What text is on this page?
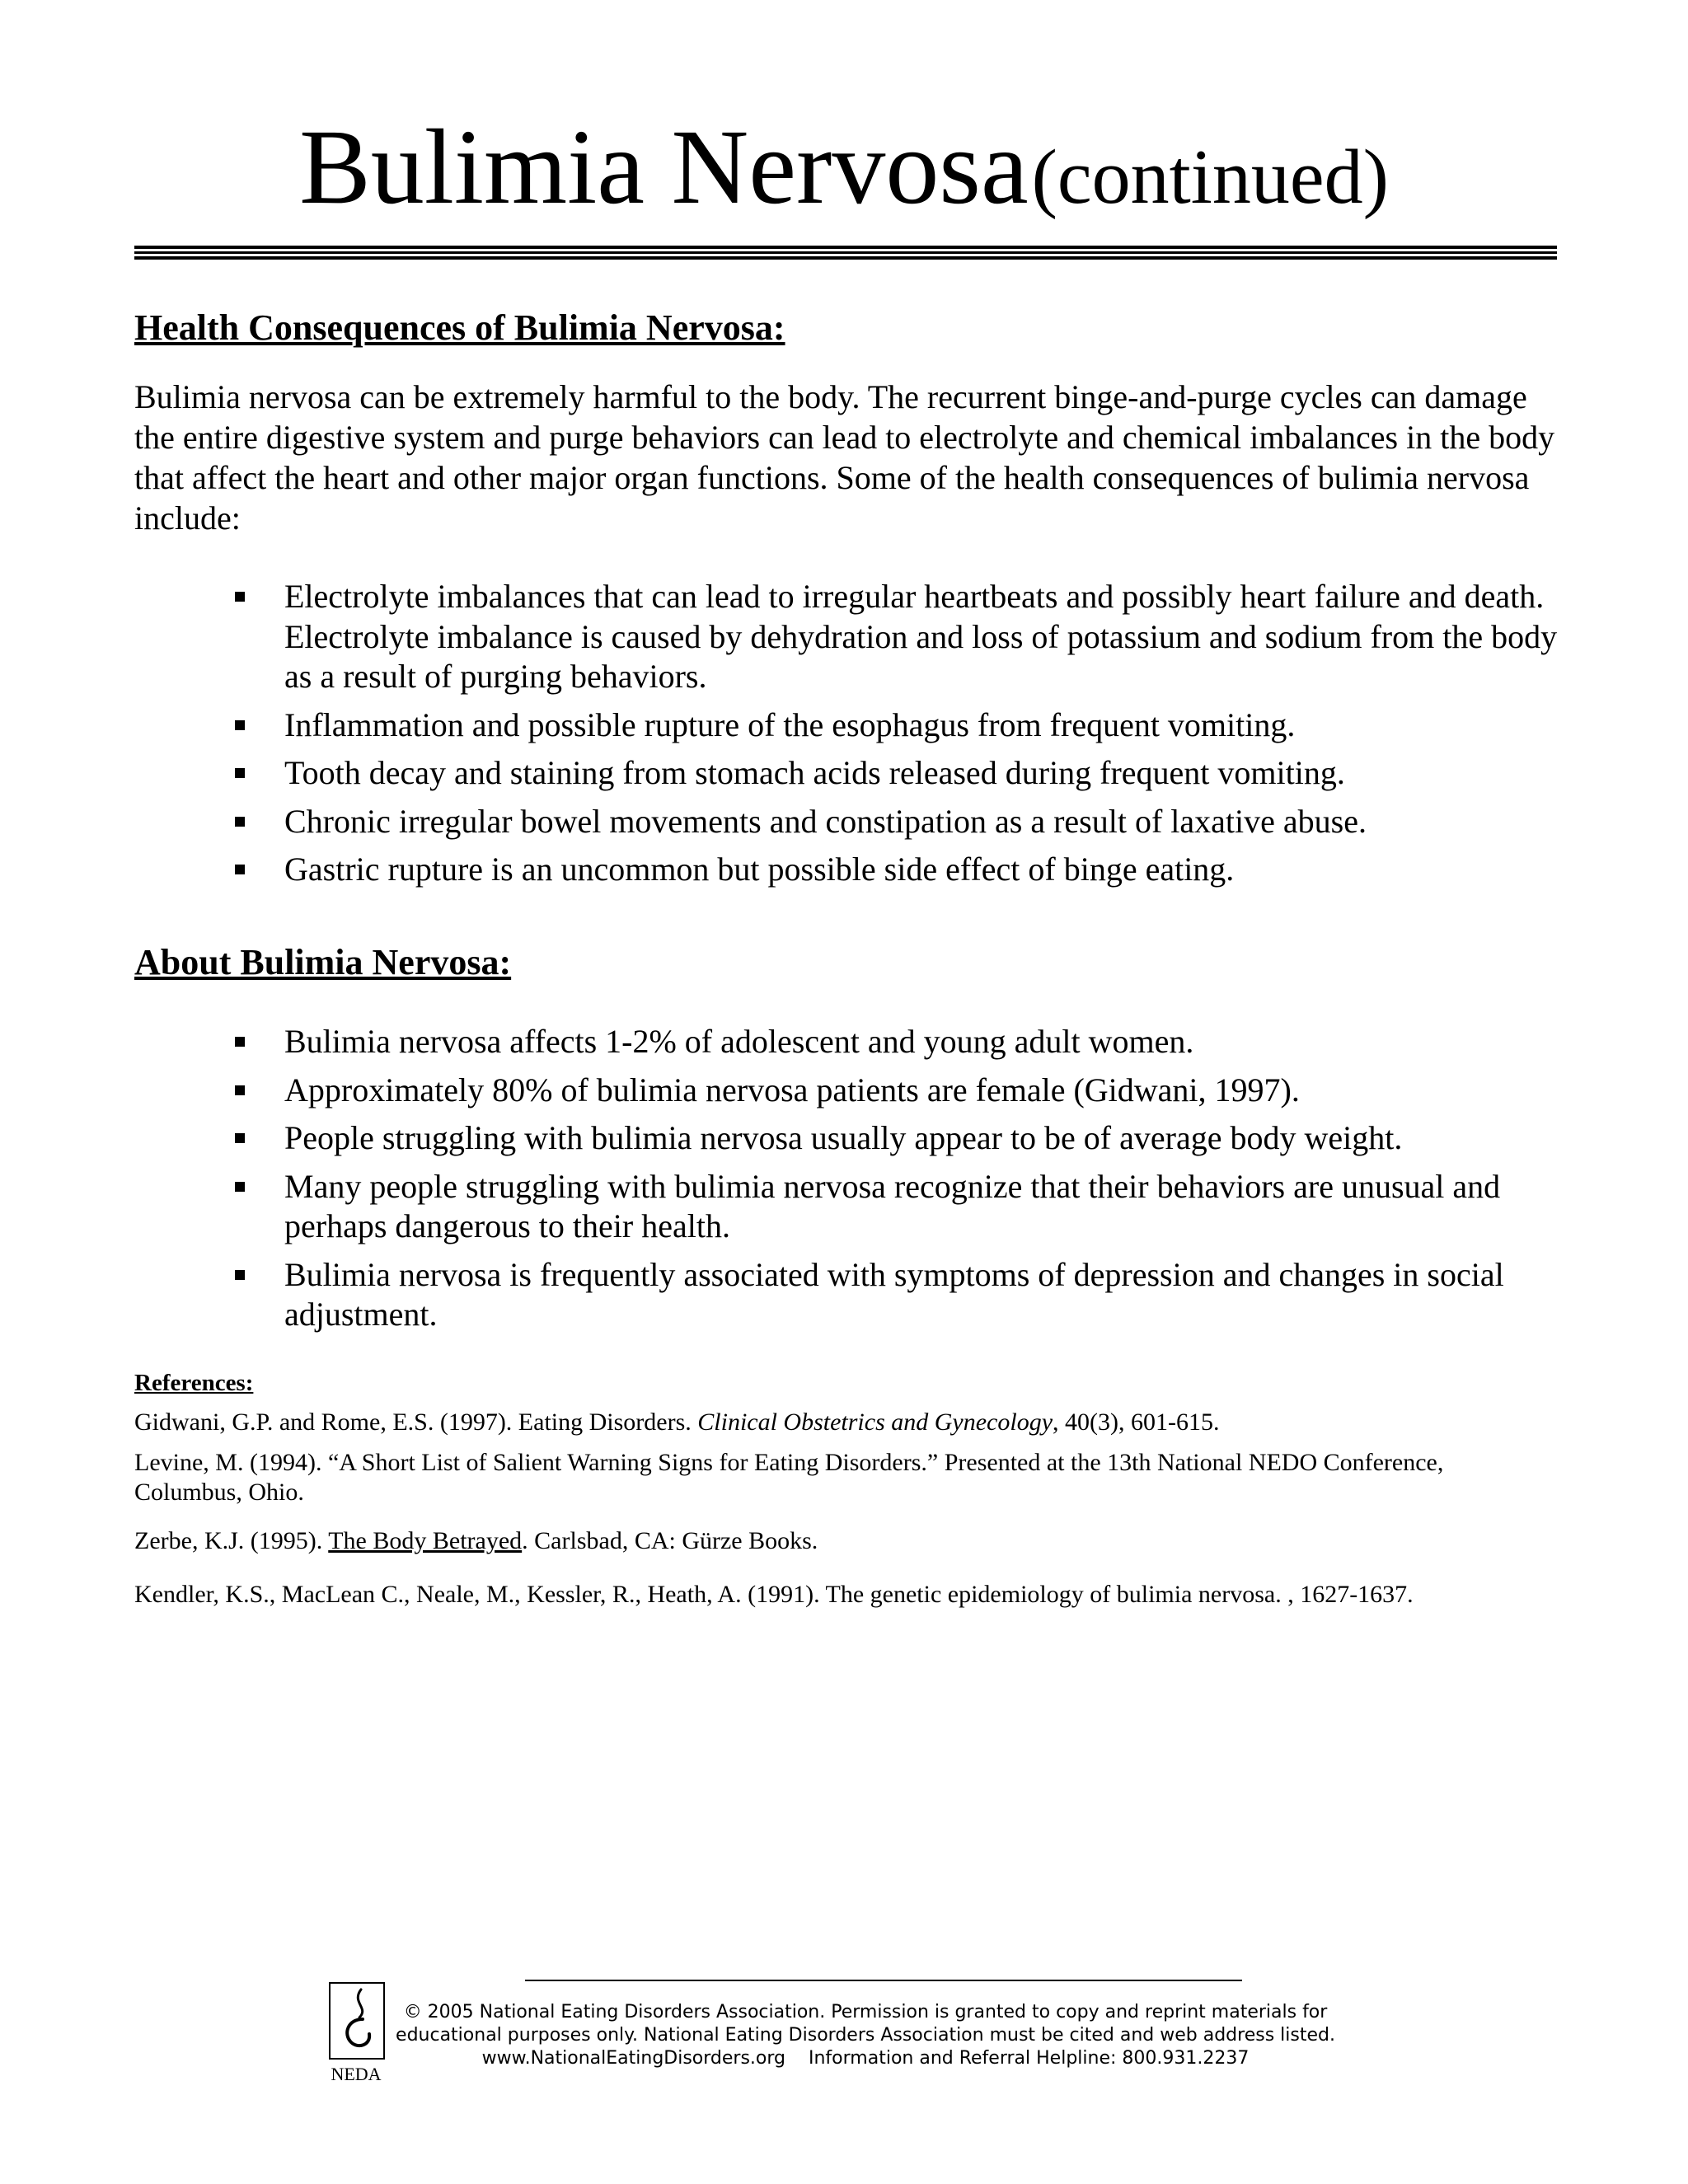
Bulimia Nervosa (continued)
Health Consequences of Bulimia Nervosa:

Bulimia nervosa can be extremely harmful to the body. The recurrent binge-and-purge cycles can damage the entire digestive system and purge behaviors can lead to electrolyte and chemical imbalances in the body that affect the heart and other major organ functions. Some of the health consequences of bulimia nervosa include:

Electrolyte imbalances that can lead to irregular heartbeats and possibly heart failure and death. Electrolyte imbalance is caused by dehydration and loss of potassium and sodium from the body as a result of purging behaviors.
Inflammation and possible rupture of the esophagus from frequent vomiting.
Tooth decay and staining from stomach acids released during frequent vomiting.
Chronic irregular bowel movements and constipation as a result of laxative abuse.
Gastric rupture is an uncommon but possible side effect of binge eating.
About Bulimia Nervosa:
Bulimia nervosa affects 1-2% of adolescent and young adult women.
Approximately 80% of bulimia nervosa patients are female (Gidwani, 1997).
People struggling with bulimia nervosa usually appear to be of average body weight.
Many people struggling with bulimia nervosa recognize that their behaviors are unusual and perhaps dangerous to their health.
Bulimia nervosa is frequently associated with symptoms of depression and changes in social adjustment.
References:
Gidwani, G.P. and Rome, E.S. (1997). Eating Disorders. Clinical Obstetrics and Gynecology, 40(3), 601-615.
Levine, M. (1994). “A Short List of Salient Warning Signs for Eating Disorders.” Presented at the 13th National NEDO Conference, Columbus, Ohio.
Zerbe, K.J. (1995). The Body Betrayed. Carlsbad, CA: Gürze Books.
Kendler, K.S., MacLean C., Neale, M., Kessler, R., Heath, A. (1991). The genetic epidemiology of bulimia nervosa. , 1627-1637.
NEDA
© 2005 National Eating Disorders Association. Permission is granted to copy and reprint materials for
educational purposes only. National Eating Disorders Association must be cited and web address listed.
www.NationalEatingDisorders.org Information and Referral Helpline: 800.931.2237
